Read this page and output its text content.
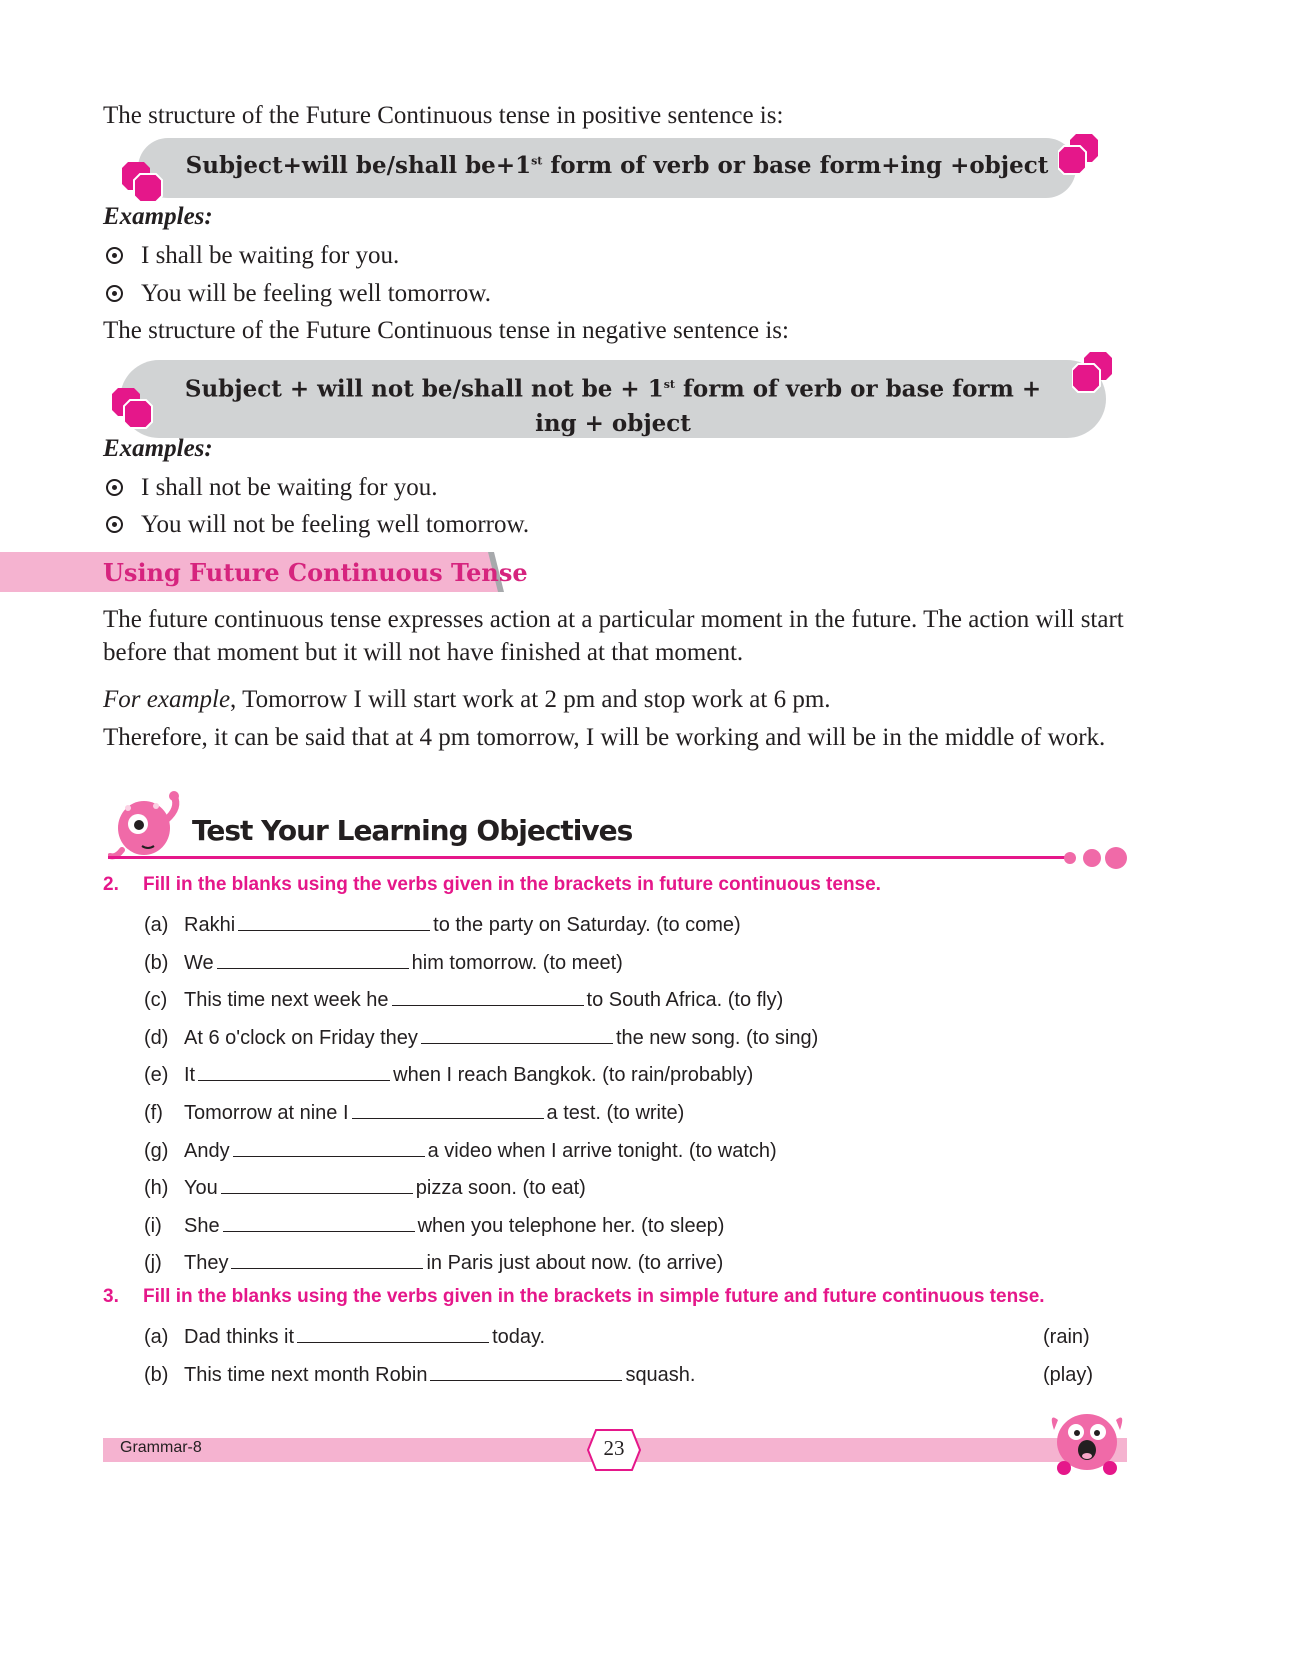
The structure of the Future Continuous tense in positive sentence is:
Subject+will be/shall be+1st form of verb or base form+ing +object
Examples:
I shall be waiting for you.
You will be feeling well tomorrow.
The structure of the Future Continuous tense in negative sentence is:
Subject + will not be/shall not be + 1st form of verb or base form +
ing + object
Examples:
I shall not be waiting for you.
You will not be feeling well tomorrow.
Using Future Continuous Tense
The future continuous tense expresses action at a particular moment in the future. The action will start
before that moment but it will not have finished at that moment.
For example, Tomorrow I will start work at 2 pm and stop work at 6 pm.
Therefore, it can be said that at 4 pm tomorrow, I will be working and will be in the middle of work.
Test Your Learning Objectives
2. Fill in the blanks using the verbs given in the brackets in future continuous tense.
(a) Rakhi	to the party on Saturday. (to come)
(b) We	him tomorrow. (to meet)
(c) This time next week he	to South Africa. (to fly)
(d) At 6 o'clock on Friday they	the new song. (to sing)
(e) It	when I reach Bangkok. (to rain/probably)
(f) Tomorrow at nine I	a test. (to write)
(g) Andy	a video when I arrive tonight. (to watch)
(h) You	pizza soon. (to eat)
(i) She	when you telephone her. (to sleep)
(j) They	in Paris just about now. (to arrive)
3. Fill in the blanks using the verbs given in the brackets in simple future and future continuous tense.
(a) Dad thinks it	today.	(rain)
(b) This time next month Robin	squash.	(play)
Grammar-8	23
